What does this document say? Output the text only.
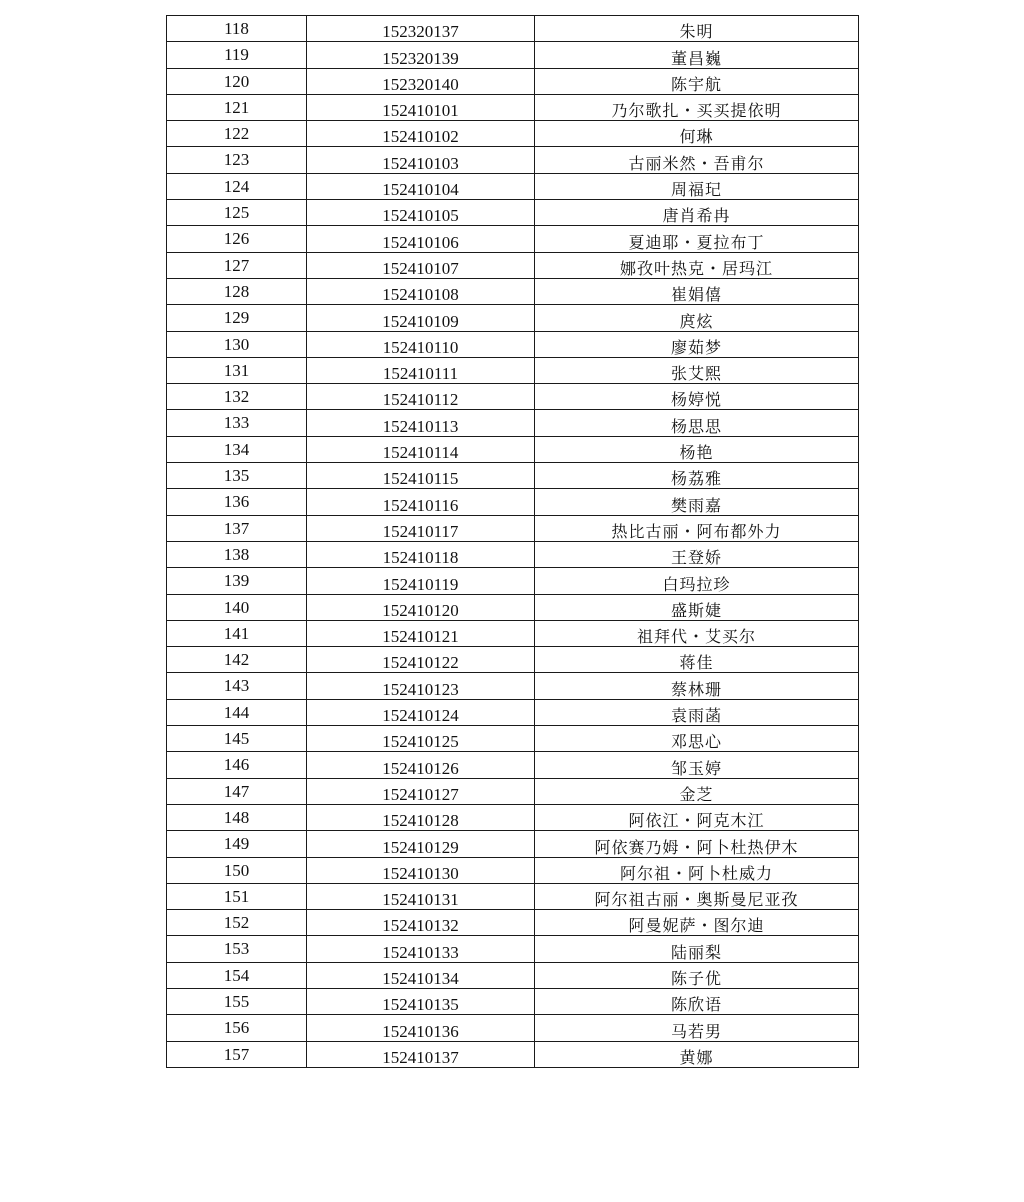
118	152320137	朱明
119	152320139	董昌巍
120	152320140	陈宇航
121	152410101	乃尔歌扎・买买提依明
122	152410102	何琳
123	152410103	古丽米然・吾甫尔
124	152410104	周福玘
125	152410105	唐肖希冉
126	152410106	夏迪耶・夏拉布丁
127	152410107	娜孜叶热克・居玛江
128	152410108	崔娟僖
129	152410109	庹炫
130	152410110	廖茹梦
131	152410111	张艾熙
132	152410112	杨婷悦
133	152410113	杨思思
134	152410114	杨艳
135	152410115	杨荔雅
136	152410116	樊雨嘉
137	152410117	热比古丽・阿布都外力
138	152410118	王登娇
139	152410119	白玛拉珍
140	152410120	盛斯婕
141	152410121	祖拜代・艾买尔
142	152410122	蒋佳
143	152410123	蔡林珊
144	152410124	袁雨菡
145	152410125	邓思心
146	152410126	邹玉婷
147	152410127	金芝
148	152410128	阿依江・阿克木江
149	152410129	阿依赛乃姆・阿卜杜热伊木
150	152410130	阿尔祖・阿卜杜威力
151	152410131	阿尔祖古丽・奥斯曼尼亚孜
152	152410132	阿曼妮萨・图尔迪
153	152410133	陆丽梨
154	152410134	陈子优
155	152410135	陈欣语
156	152410136	马若男
157	152410137	黄娜
